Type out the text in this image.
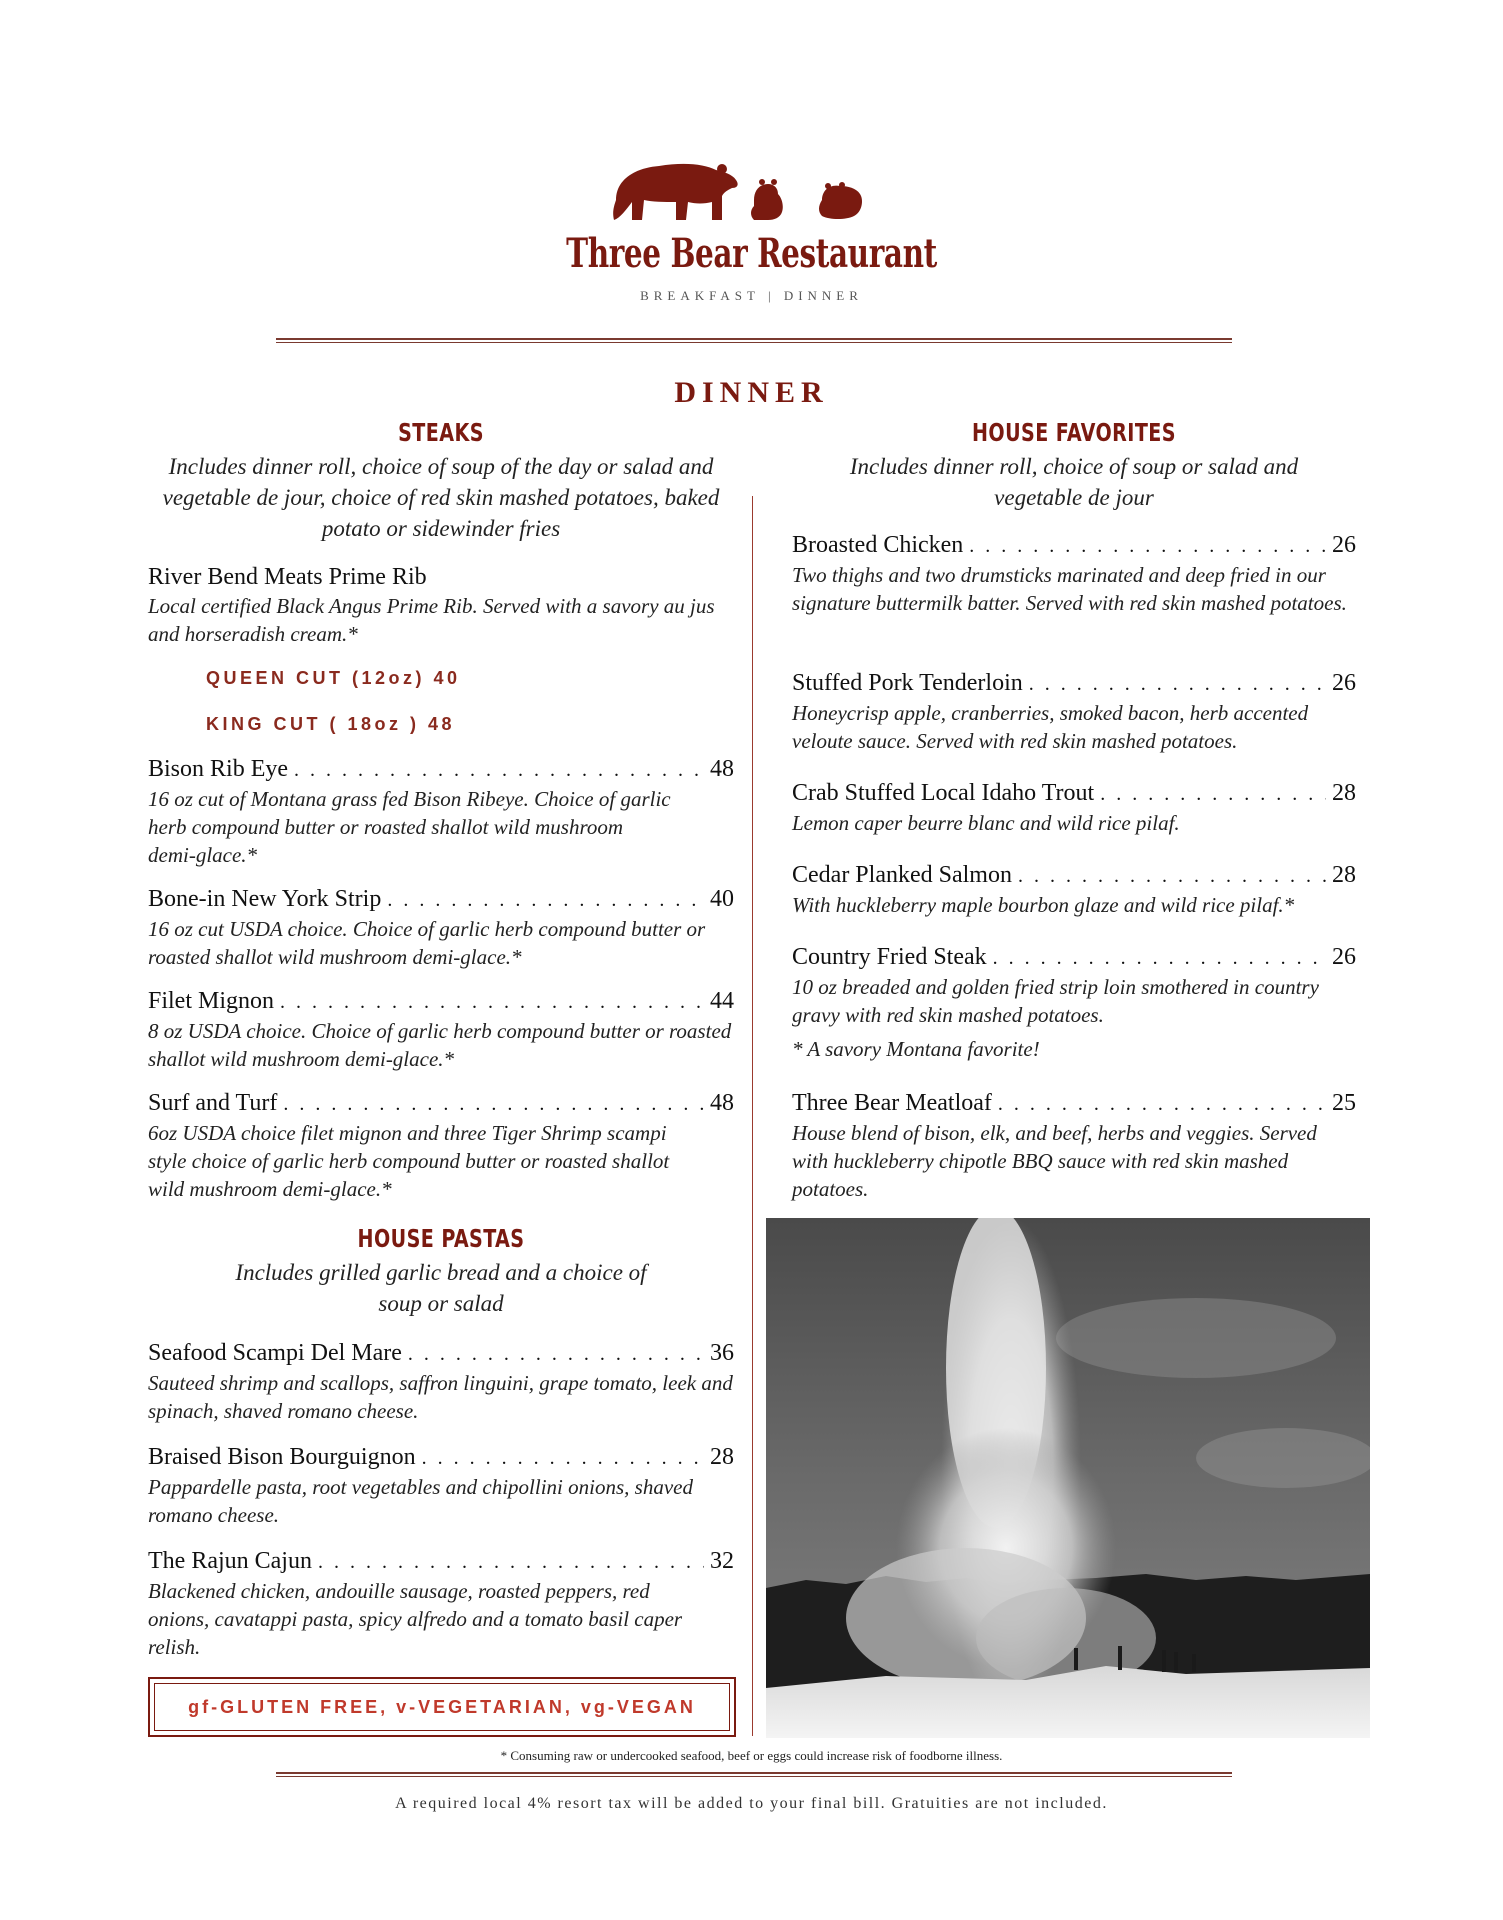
Three Bear Restaurant
BREAKFAST | DINNER
DINNER
STEAKS

Includes dinner roll, choice of soup of the day or salad and vegetable de jour, choice of red skin mashed potatoes, baked potato or sidewinder fries

River Bend Meats Prime Rib
Local certified Black Angus Prime Rib. Served with a savory au jus and horseradish cream.*
QUEEN CUT (12oz) 40
KING CUT ( 18oz ) 48
Bison Rib Eye . . .	48
16 oz cut of Montana grass fed Bison Ribeye. Choice of garlic herb compound butter or roasted shallot wild mushroom demi-glace.*
Bone-in New York Strip . . .	40
16 oz cut USDA choice. Choice of garlic herb compound butter or roasted shallot wild mushroom demi-glace.*
Filet Mignon . . .	44
8 oz USDA choice. Choice of garlic herb compound butter or roasted shallot wild mushroom demi-glace.*
Surf and Turf . . .	48
6oz USDA choice filet mignon and three Tiger Shrimp scampi style choice of garlic herb compound butter or roasted shallot wild mushroom demi-glace.*
HOUSE PASTAS

Includes grilled garlic bread and a choice of soup or salad

Seafood Scampi Del Mare . . .	36
Sauteed shrimp and scallops, saffron linguini, grape tomato, leek and spinach, shaved romano cheese.
Braised Bison Bourguignon . . .	28
Pappardelle pasta, root vegetables and chipollini onions, shaved romano cheese.
The Rajun Cajun . . .	32
Blackened chicken, andouille sausage, roasted peppers, red onions, cavatappi pasta, spicy alfredo and a tomato basil caper relish.
HOUSE FAVORITES

Includes dinner roll, choice of soup or salad and vegetable de jour

Broasted Chicken . . .	26
Two thighs and two drumsticks marinated and deep fried in our signature buttermilk batter. Served with red skin mashed potatoes.
Stuffed Pork Tenderloin . . .	26
Honeycrisp apple, cranberries, smoked bacon, herb accented veloute sauce. Served with red skin mashed potatoes.
Crab Stuffed Local Idaho Trout . . .	28
Lemon caper beurre blanc and wild rice pilaf.
Cedar Planked Salmon . . .	28
With huckleberry maple bourbon glaze and wild rice pilaf.*
Country Fried Steak . . .	26
10 oz breaded and golden fried strip loin smothered in country gravy with red skin mashed potatoes.
* A savory Montana favorite!
Three Bear Meatloaf . . .	25
House blend of bison, elk, and beef, herbs and veggies. Served with huckleberry chipotle BBQ sauce with red skin mashed potatoes.
gf-GLUTEN FREE, v-VEGETARIAN, vg-VEGAN
* Consuming raw or undercooked seafood, beef or eggs could increase risk of foodborne illness.
A required local 4% resort tax will be added to your final bill. Gratuities are not included.
